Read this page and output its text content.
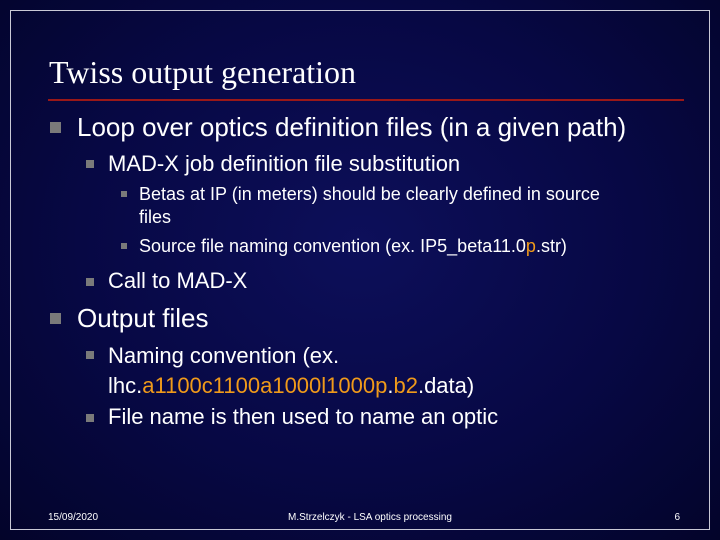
Twiss output generation
Loop over optics definition files (in a given path)
MAD-X job definition file substitution
Betas at IP (in meters) should be clearly defined in source
files
Source file naming convention (ex. IP5_beta11.0p.str)
Call to MAD-X
Output files
Naming convention (ex.
lhc.a1100c1100a1000l1000p.b2.data)
File name is then used to name an optic
15/09/2020	M.Strzelczyk - LSA optics processing	6
